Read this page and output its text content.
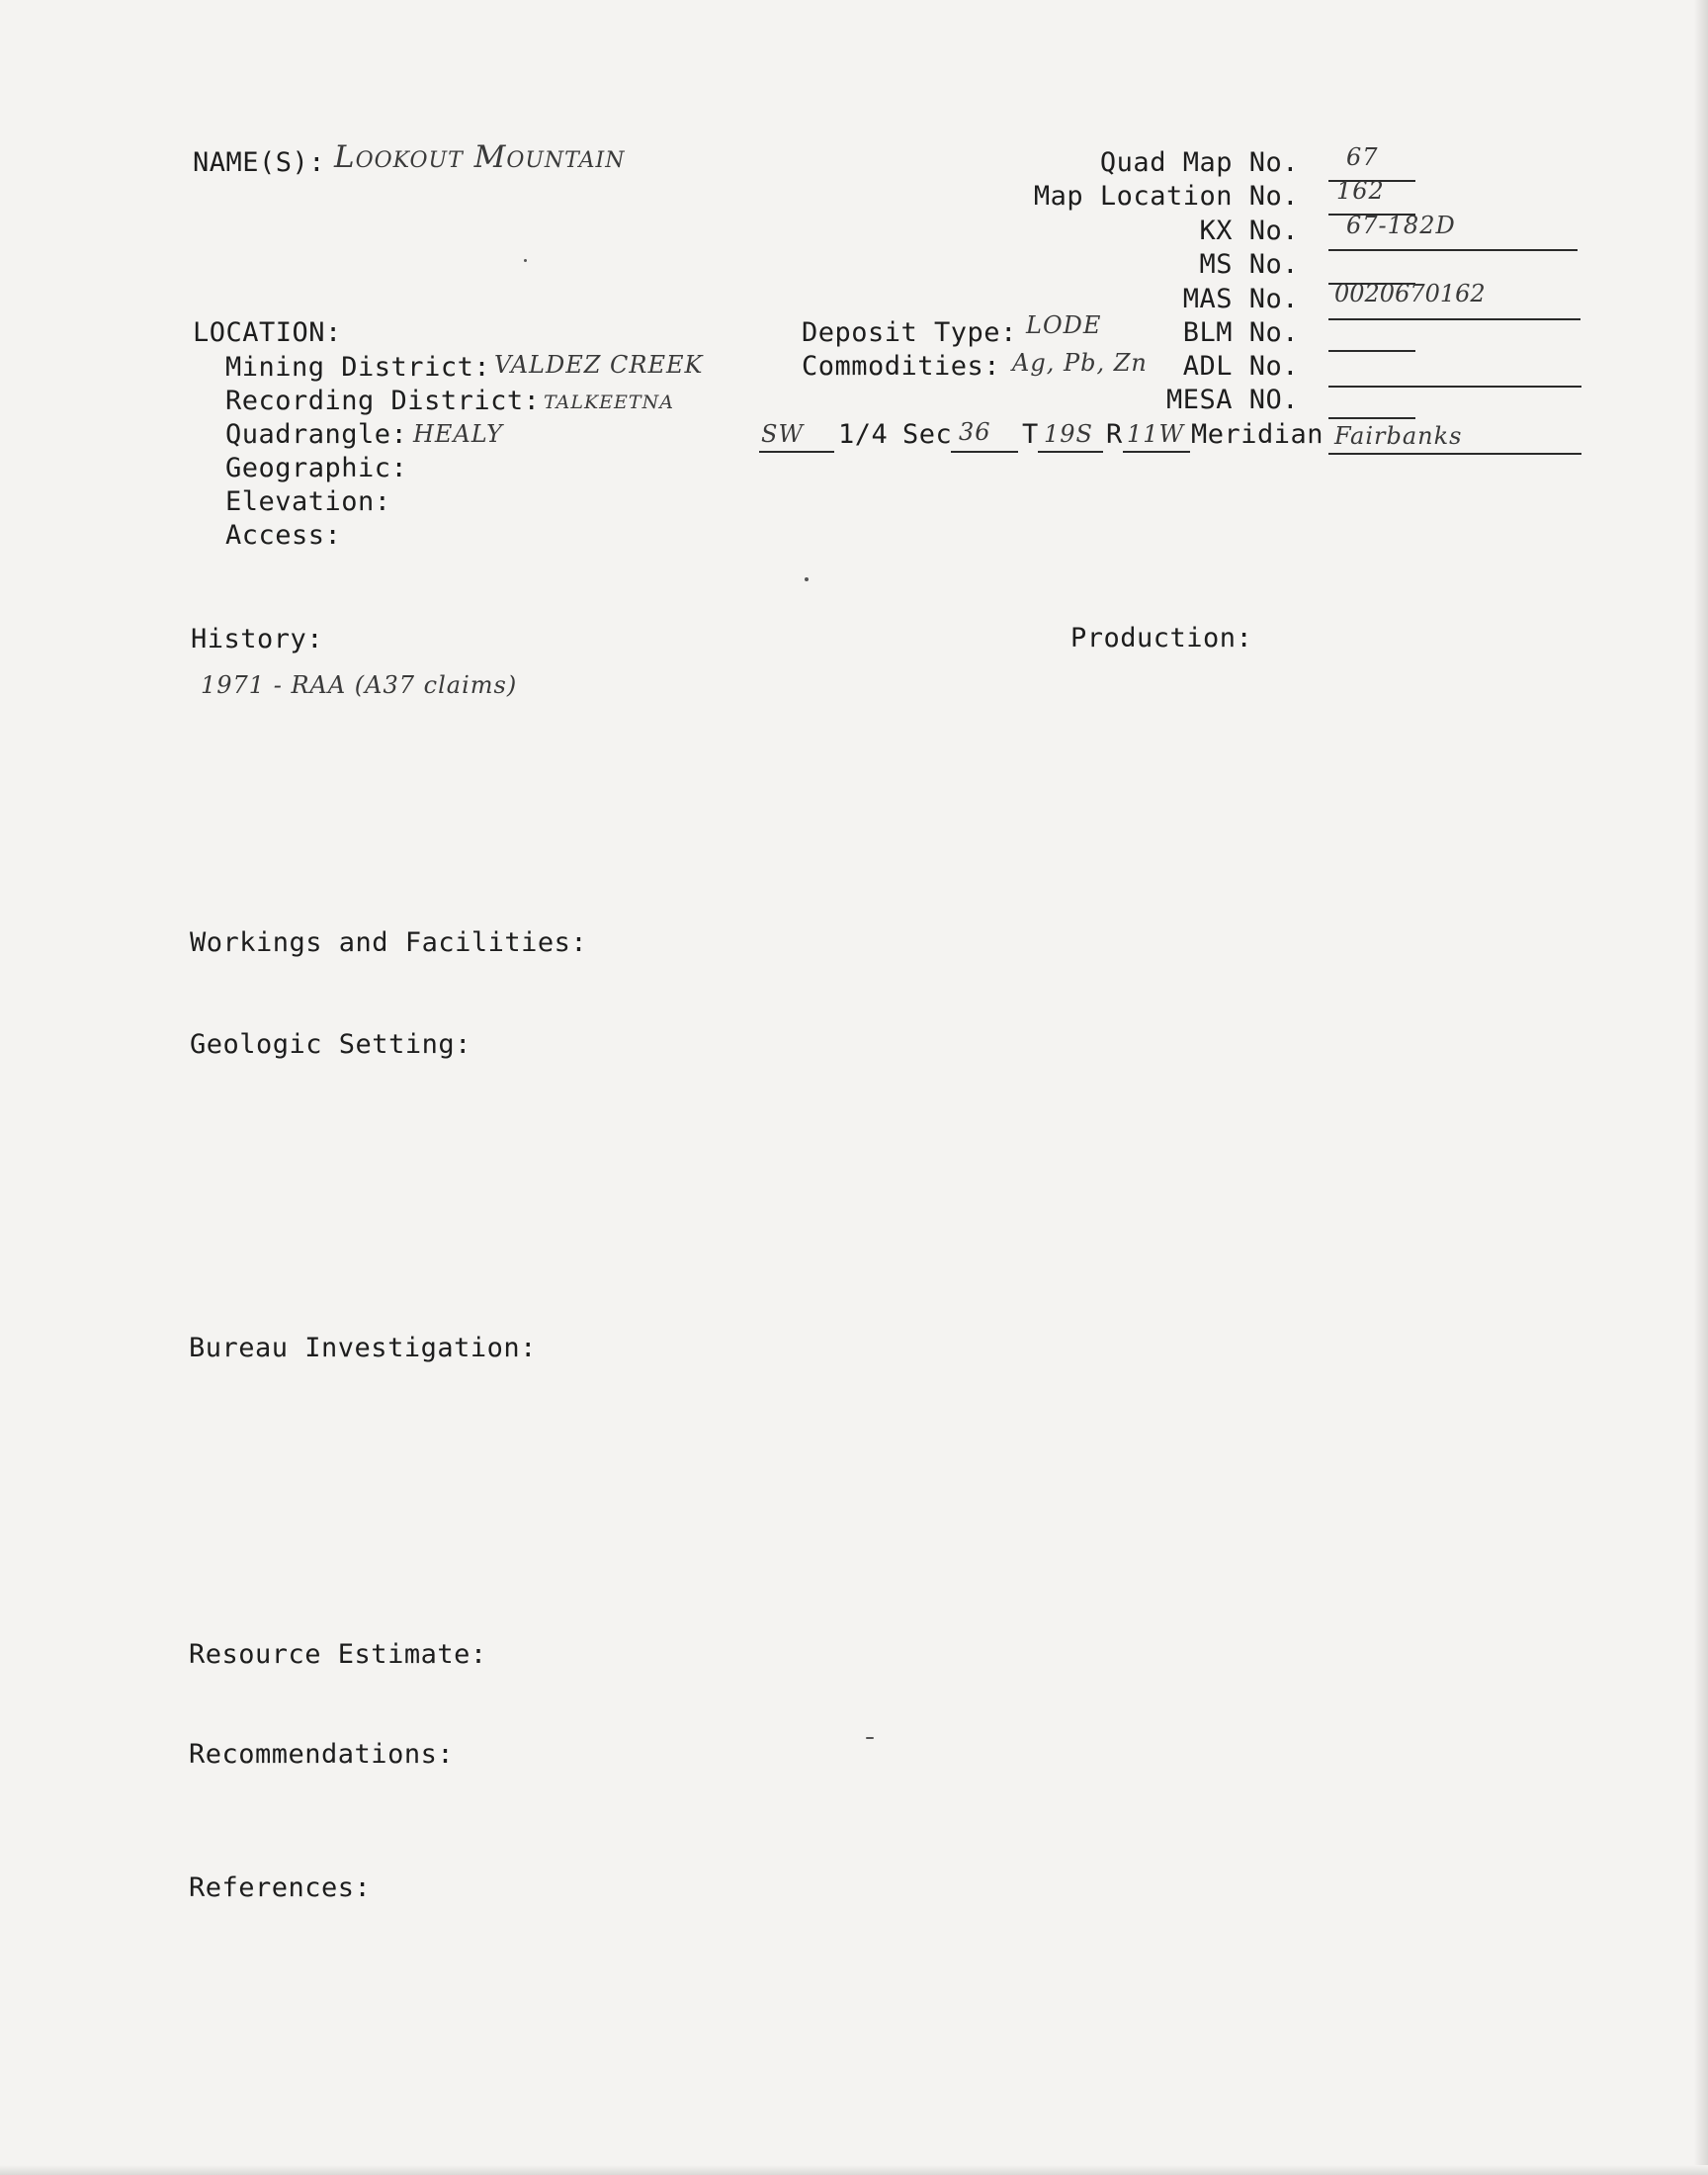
NAME(S): Lookout Mountain	Quad Map No. 67
Map Location No. 162
KX No. 67-182D
MS No.
MAS No. 0020670162
BLM No.
ADL No.
MESA NO.
LOCATION:
Mining District: VALDEZ CREEK
Recording District: TALKEETNA
Quadrangle: HEALY
Geographic:
Elevation:
Access:
Deposit Type: LODE
Commodities: Ag, Pb, Zn
SW 1/4 Sec 36 T 19S R 11W Meridian Fairbanks
History:
1971 - RAA (A37 claims)
Production:
Workings and Facilities:
Geologic Setting:
Bureau Investigation:
Resource Estimate:
Recommendations:
References:
